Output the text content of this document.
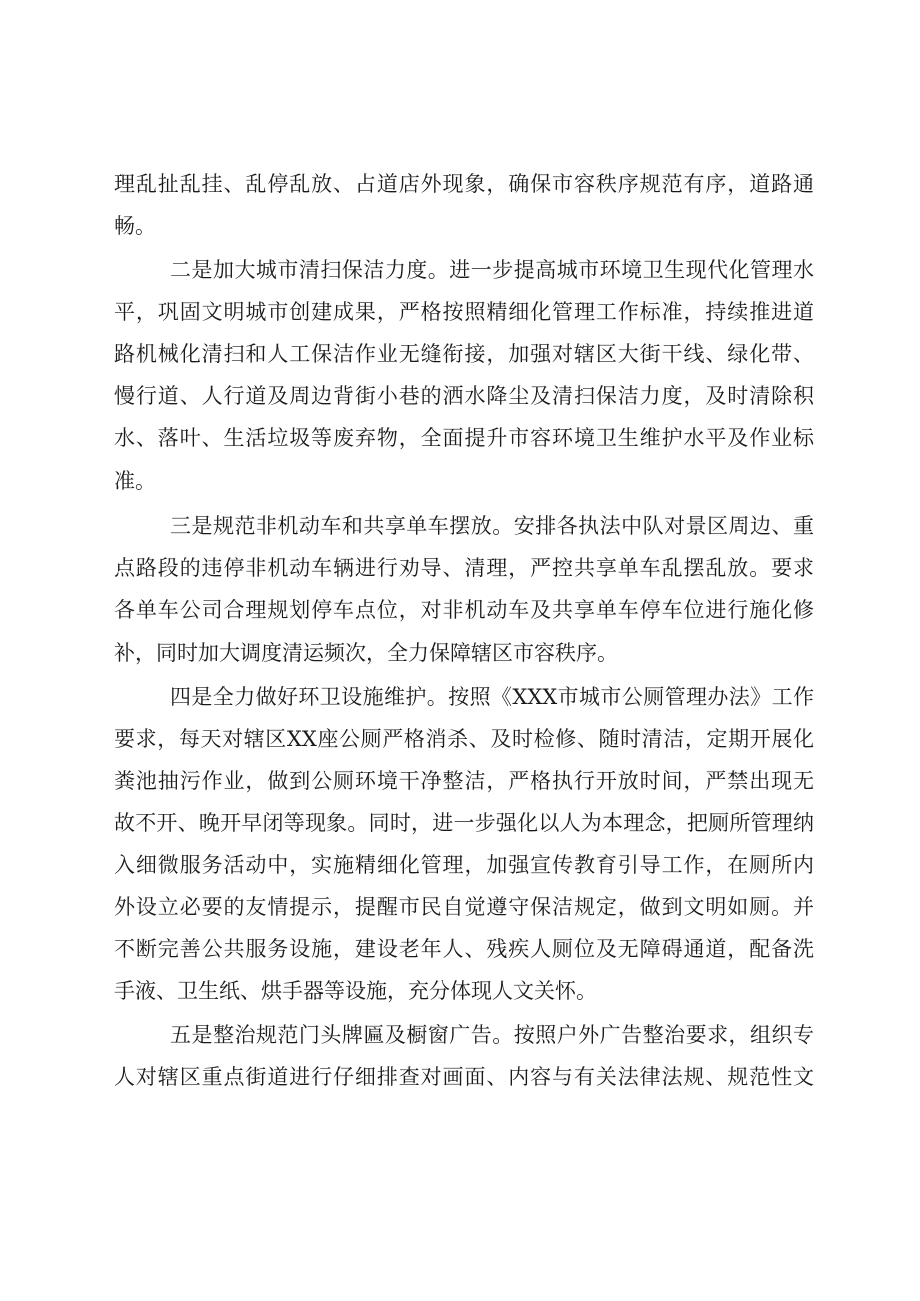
理乱扯乱挂、乱停乱放、占道店外现象，确保市容秩序规范有序，道路通
畅。
二是加大城市清扫保洁力度。进一步提高城市环境卫生现代化管理水
平，巩固文明城市创建成果，严格按照精细化管理工作标准，持续推进道
路机械化清扫和人工保洁作业无缝衔接，加强对辖区大街干线、绿化带、
慢行道、人行道及周边背街小巷的洒水降尘及清扫保洁力度，及时清除积
水、落叶、生活垃圾等废弃物，全面提升市容环境卫生维护水平及作业标
准。
三是规范非机动车和共享单车摆放。安排各执法中队对景区周边、重
点路段的违停非机动车辆进行劝导、清理，严控共享单车乱摆乱放。要求
各单车公司合理规划停车点位，对非机动车及共享单车停车位进行施化修
补，同时加大调度清运频次，全力保障辖区市容秩序。
四是全力做好环卫设施维护。按照《XXX市城市公厕管理办法》工作
要求，每天对辖区XX座公厕严格消杀、及时检修、随时清洁，定期开展化
粪池抽污作业，做到公厕环境干净整洁，严格执行开放时间，严禁出现无
故不开、晚开早闭等现象。同时，进一步强化以人为本理念，把厕所管理纳
入细微服务活动中，实施精细化管理，加强宣传教育引导工作，在厕所内
外设立必要的友情提示，提醒市民自觉遵守保洁规定，做到文明如厕。并
不断完善公共服务设施，建设老年人、残疾人厕位及无障碍通道，配备洗
手液、卫生纸、烘手器等设施，充分体现人文关怀。
五是整治规范门头牌匾及橱窗广告。按照户外广告整治要求，组织专
人对辖区重点街道进行仔细排查对画面、内容与有关法律法规、规范性文
